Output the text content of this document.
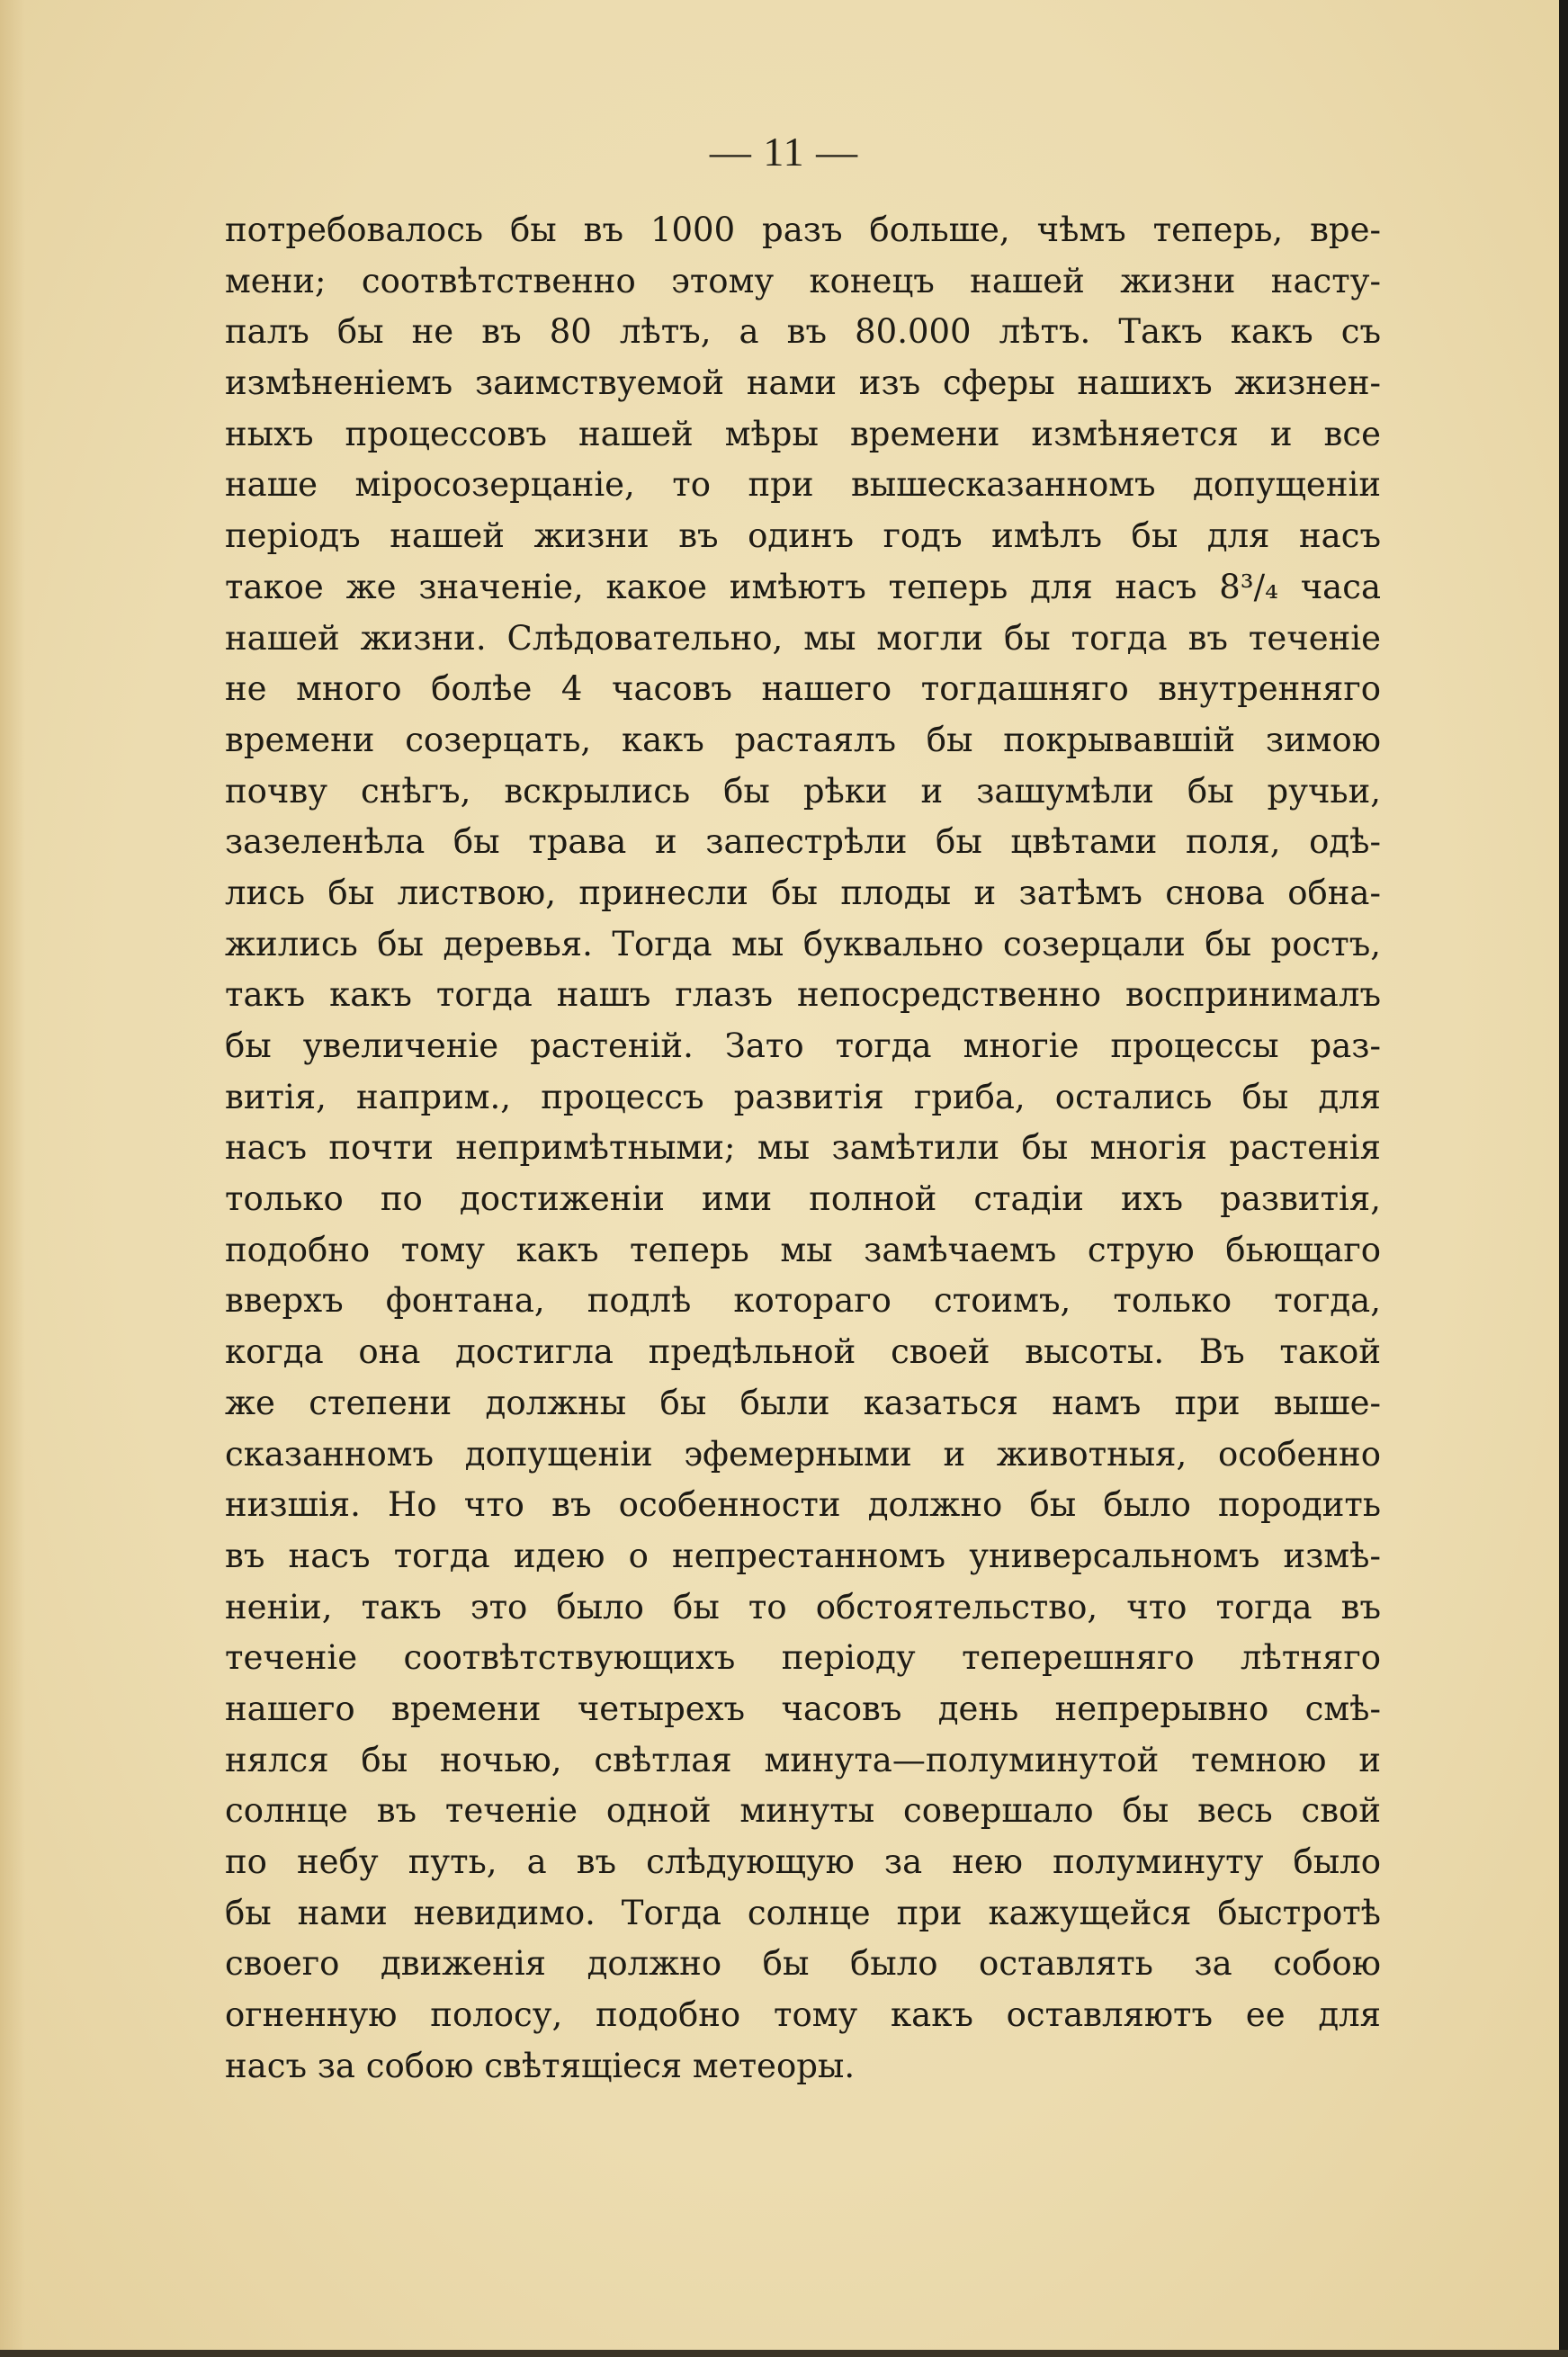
— 11 —
потребовалось бы въ 1000 разъ больше, чѣмъ теперь, вре-
мени; соотвѣтственно этому конецъ нашей жизни насту-
палъ бы не въ 80 лѣтъ, а въ 80.000 лѣтъ. Такъ какъ съ
измѣненіемъ заимствуемой нами изъ сферы нашихъ жизнен-
ныхъ процессовъ нашей мѣры времени измѣняется и все
наше міросозерцаніе, то при вышесказанномъ допущеніи
періодъ нашей жизни въ одинъ годъ имѣлъ бы для насъ
такое же значеніе, какое имѣютъ теперь для насъ 8³/₄ часа
нашей жизни. Слѣдовательно, мы могли бы тогда въ теченіе
не много болѣе 4 часовъ нашего тогдашняго внутренняго
времени созерцать, какъ растаялъ бы покрывавшій зимою
почву снѣгъ, вскрылись бы рѣки и зашумѣли бы ручьи,
зазеленѣла бы трава и запестрѣли бы цвѣтами поля, одѣ-
лись бы листвою, принесли бы плоды и затѣмъ снова обна-
жились бы деревья. Тогда мы буквально созерцали бы ростъ,
такъ какъ тогда нашъ глазъ непосредственно воспринималъ
бы увеличеніе растеній. Зато тогда многіе процессы раз-
витія, наприм., процессъ развитія гриба, остались бы для
насъ почти непримѣтными; мы замѣтили бы многія растенія
только по достиженіи ими полной стадіи ихъ развитія,
подобно тому какъ теперь мы замѣчаемъ струю бьющаго
вверхъ фонтана, подлѣ котораго стоимъ, только тогда,
когда она достигла предѣльной своей высоты. Въ такой
же степени должны бы были казаться намъ при выше-
сказанномъ допущеніи эфемерными и животныя, особенно
низшія. Но что въ особенности должно бы было породить
въ насъ тогда идею о непрестанномъ универсальномъ измѣ-
неніи, такъ это было бы то обстоятельство, что тогда въ
теченіе соотвѣтствующихъ періоду теперешняго лѣтняго
нашего времени четырехъ часовъ день непрерывно смѣ-
нялся бы ночью, свѣтлая минута—полуминутой темною и
солнце въ теченіе одной минуты совершало бы весь свой
по небу путь, а въ слѣдующую за нею полуминуту было
бы нами невидимо. Тогда солнце при кажущейся быстротѣ
своего движенія должно бы было оставлять за собою
огненную полосу, подобно тому какъ оставляютъ ее для
насъ за собою свѣтящіеся метеоры.
